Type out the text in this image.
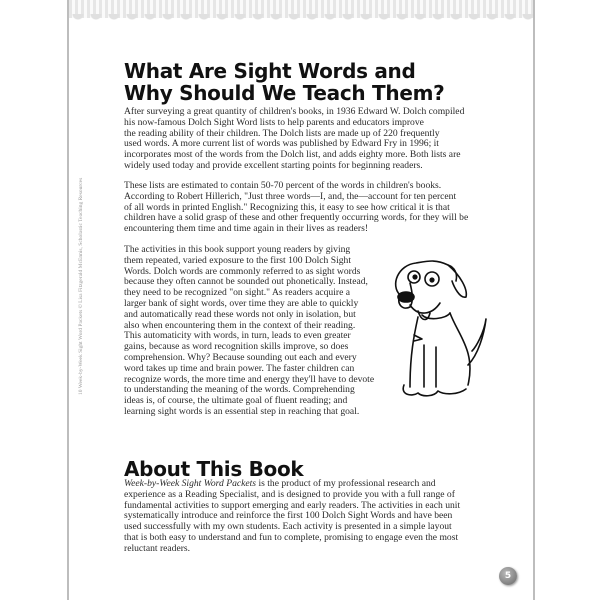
10 Week-by-Week Sight Word Packets © Lisa Fitzgerald McEnnis, Scholastic Teaching Resources
What Are Sight Words and
Why Should We Teach Them?
After surveying a great quantity of children's books, in 1936 Edward W. Dolch compiled
his now-famous Dolch Sight Word lists to help parents and educators improve
the reading ability of their children. The Dolch lists are made up of 220 frequently
used words. A more current list of words was published by Edward Fry in 1996; it
incorporates most of the words from the Dolch list, and adds eighty more. Both lists are
widely used today and provide excellent starting points for beginning readers.
These lists are estimated to contain 50-70 percent of the words in children's books.
According to Robert Hillerich, "Just three words—I, and, the—account for ten percent
of all words in printed English." Recognizing this, it easy to see how critical it is that
children have a solid grasp of these and other frequently occurring words, for they will be
encountering them time and time again in their lives as readers!
The activities in this book support young readers by giving
them repeated, varied exposure to the first 100 Dolch Sight
Words. Dolch words are commonly referred to as sight words
because they often cannot be sounded out phonetically. Instead,
they need to be recognized "on sight." As readers acquire a
larger bank of sight words, over time they are able to quickly
and automatically read these words not only in isolation, but
also when encountering them in the context of their reading.
This automaticity with words, in turn, leads to even greater
gains, because as word recognition skills improve, so does
comprehension. Why? Because sounding out each and every
word takes up time and brain power. The faster children can
recognize words, the more time and energy they'll have to devote
to understanding the meaning of the words. Comprehending
ideas is, of course, the ultimate goal of fluent reading; and
learning sight words is an essential step in reaching that goal.
About This Book
Week-by-Week Sight Word Packets is the product of my professional research and
experience as a Reading Specialist, and is designed to provide you with a full range of
fundamental activities to support emerging and early readers. The activities in each unit
systematically introduce and reinforce the first 100 Dolch Sight Words and have been
used successfully with my own students. Each activity is presented in a simple layout
that is both easy to understand and fun to complete, promising to engage even the most
reluctant readers.
5
